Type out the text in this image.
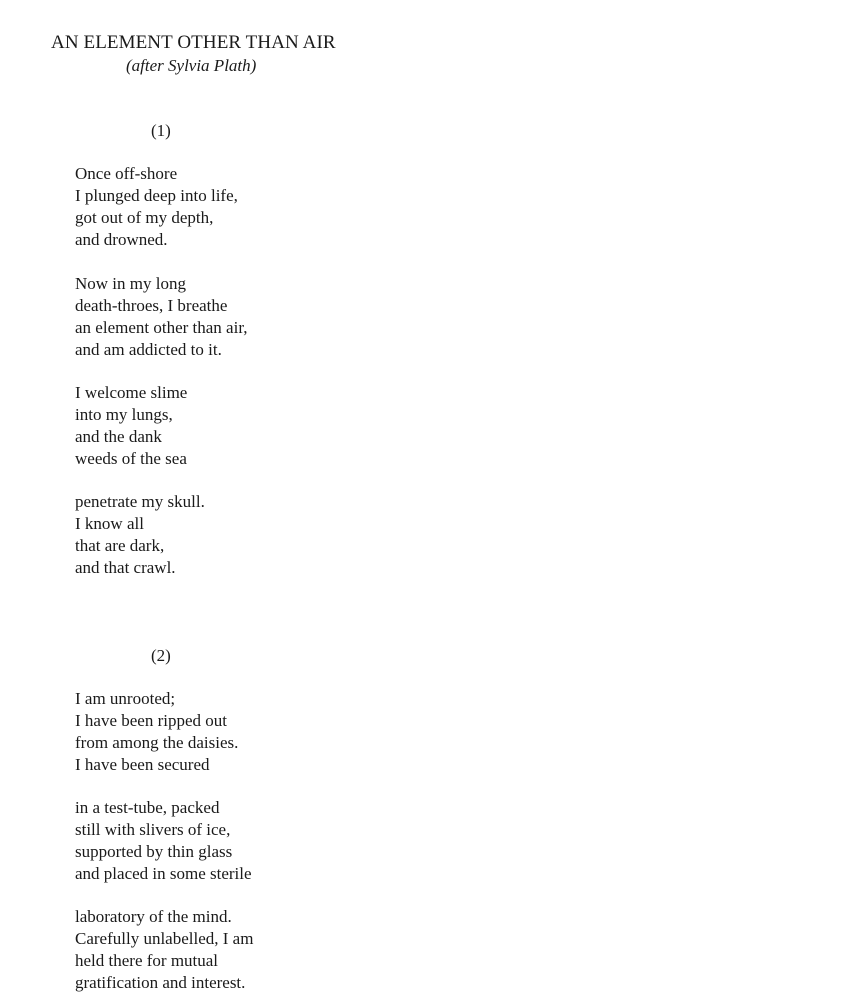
AN ELEMENT OTHER THAN AIR
(after Sylvia Plath)
(1)
Once off-shore
I plunged deep into life,
got out of my depth,
and drowned.
Now in my long
death-throes, I breathe
an element other than air,
and am addicted to it.
I welcome slime
into my lungs,
and the dank
weeds of the sea
penetrate my skull.
I know all
that are dark,
and that crawl.
(2)
I am unrooted;
I have been ripped out
from among the daisies.
I have been secured
in a test-tube, packed
still with slivers of ice,
supported by thin glass
and placed in some sterile
laboratory of the mind.
Carefully unlabelled, I am
held there for mutual
gratification and interest.
